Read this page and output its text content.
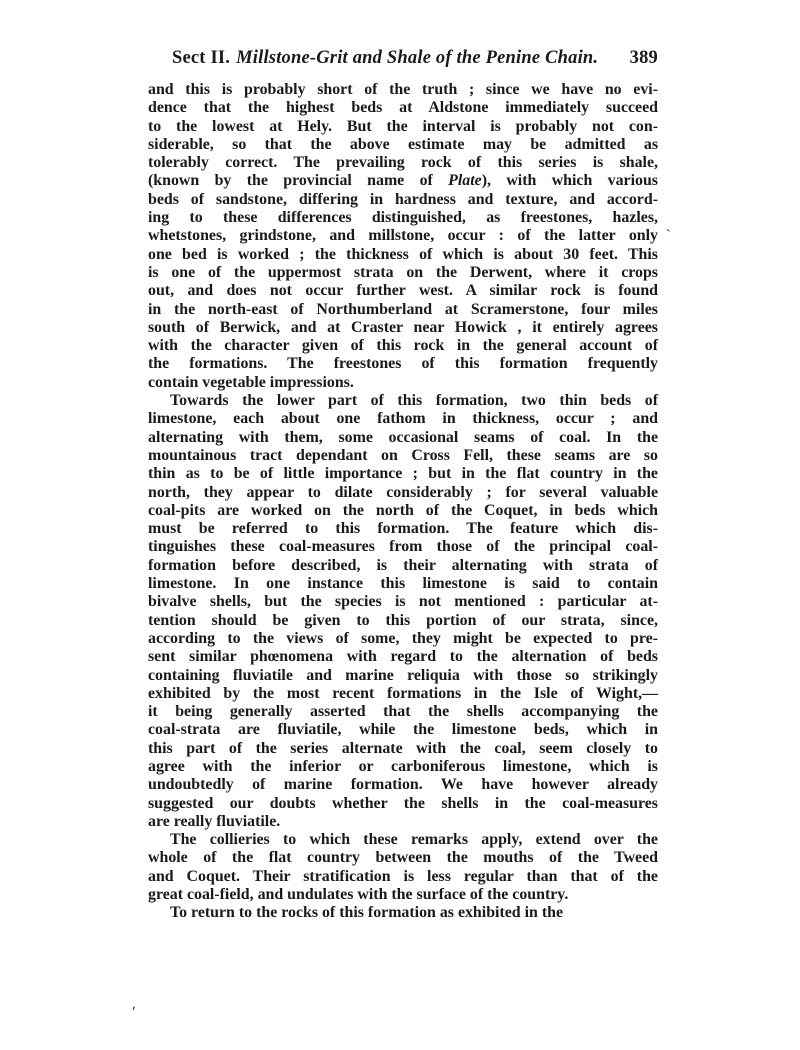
Sect II. Millstone-Grit and Shale of the Penine Chain.	389
and this is probably short of the truth ; since we have no evi-
dence that the highest beds at Aldstone immediately succeed
to the lowest at Hely. But the interval is probably not con-
siderable, so that the above estimate may be admitted as
tolerably correct. The prevailing rock of this series is shale,
(known by the provincial name of Plate), with which various
beds of sandstone, differing in hardness and texture, and accord-
ing to these differences distinguished, as freestones, hazles,
whetstones, grindstone, and millstone, occur : of the latter only
one bed is worked ; the thickness of which is about 30 feet. This
is one of the uppermost strata on the Derwent, where it crops
out, and does not occur further west. A similar rock is found
in the north-east of Northumberland at Scramerstone, four miles
south of Berwick, and at Craster near Howick , it entirely agrees
with the character given of this rock in the general account of
the formations. The freestones of this formation frequently
contain vegetable impressions.
Towards the lower part of this formation, two thin beds of
limestone, each about one fathom in thickness, occur ; and
alternating with them, some occasional seams of coal. In the
mountainous tract dependant on Cross Fell, these seams are so
thin as to be of little importance ; but in the flat country in the
north, they appear to dilate considerably ; for several valuable
coal-pits are worked on the north of the Coquet, in beds which
must be referred to this formation. The feature which dis-
tinguishes these coal-measures from those of the principal coal-
formation before described, is their alternating with strata of
limestone. In one instance this limestone is said to contain
bivalve shells, but the species is not mentioned : particular at-
tention should be given to this portion of our strata, since,
according to the views of some, they might be expected to pre-
sent similar phœnomena with regard to the alternation of beds
containing fluviatile and marine reliquia with those so strikingly
exhibited by the most recent formations in the Isle of Wight,—
it being generally asserted that the shells accompanying the
coal-strata are fluviatile, while the limestone beds, which in
this part of the series alternate with the coal, seem closely to
agree with the inferior or carboniferous limestone, which is
undoubtedly of marine formation. We have however already
suggested our doubts whether the shells in the coal-measures
are really fluviatile.
The collieries to which these remarks apply, extend over the
whole of the flat country between the mouths of the Tweed
and Coquet. Their stratification is less regular than that of the
great coal-field, and undulates with the surface of the country.
To return to the rocks of this formation as exhibited in the
ˋ
ʹ
